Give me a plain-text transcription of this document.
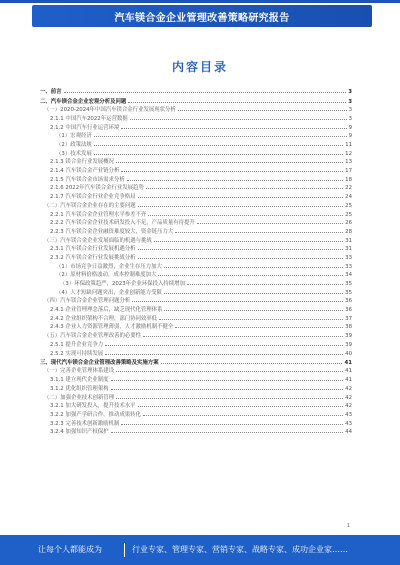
汽车镁合金企业管理改善策略研究报告
内容目录
一、前言	3
二、汽车镁合金企业宏观分析及问题	3
（一）2020-2024年中国汽车镁合金行业发展现状分析	3
2.1.1 中国汽车2022年运营数据	3
2.1.2 中国汽车行业运营环境	9
（1）宏观经济	9
（2）政策法规	11
（3）技术发展	12
2.1.3 镁合金行业发展概况	13
2.1.4 汽车镁合金产业链分析	17
2.1.5 汽车镁合金市场需求分析	18
2.1.6 2022年汽车镁合金行业发展趋势	22
2.1.7 汽车镁合金行业企业竞争格局	24
（二）汽车镁合金企业存在的主要问题	25
2.2.1 汽车镁合金企业管理水平参差不齐	25
2.2.2 汽车镁合金企业技术研发投入不足，产品质量有待提升	26
2.2.3 汽车镁合金企业融资难度较大，资金链压力大	28
（三）汽车镁合金企业发展面临的机遇与挑战	31
2.3.1 汽车镁合金行业发展机遇分析	31
2.3.2 汽车镁合金行业发展挑战分析	33
（1）市场竞争日益激烈，企业生存压力加大	33
（2）原材料价格波动，成本控制难度加大	34
（3）环保政策趋严，2023年企业环保投入持续增加	35
（4）人才短缺问题突出，企业创新能力受限	35
（四）汽车镁合金企业管理问题分析	36
2.4.1 企业管理理念落后，缺乏现代化管理体系	36
2.4.2 企业组织架构不合理，部门协同效率低	37
2.4.3 企业人力资源管理薄弱，人才激励机制不健全	38
（五）汽车镁合金企业管理改善的必要性	39
2.5.1 提升企业竞争力	39
2.5.2 实现可持续发展	40
三、现代汽车镁合金企业管理改善策略及实施方案	41
（一）完善企业管理体系建设	41
3.1.1 建立现代企业制度	41
3.1.2 优化组织管理架构	42
（二）加强企业技术创新管理	42
3.2.1 加大研发投入，提升技术水平	42
3.2.2 加强产学研合作，推动成果转化	43
3.2.3 完善技术创新激励机制	43
3.2.4 加强知识产权保护	44
1
让每个人都能成为	行业专家、管理专家、营销专家、战略专家、成功企业家……
